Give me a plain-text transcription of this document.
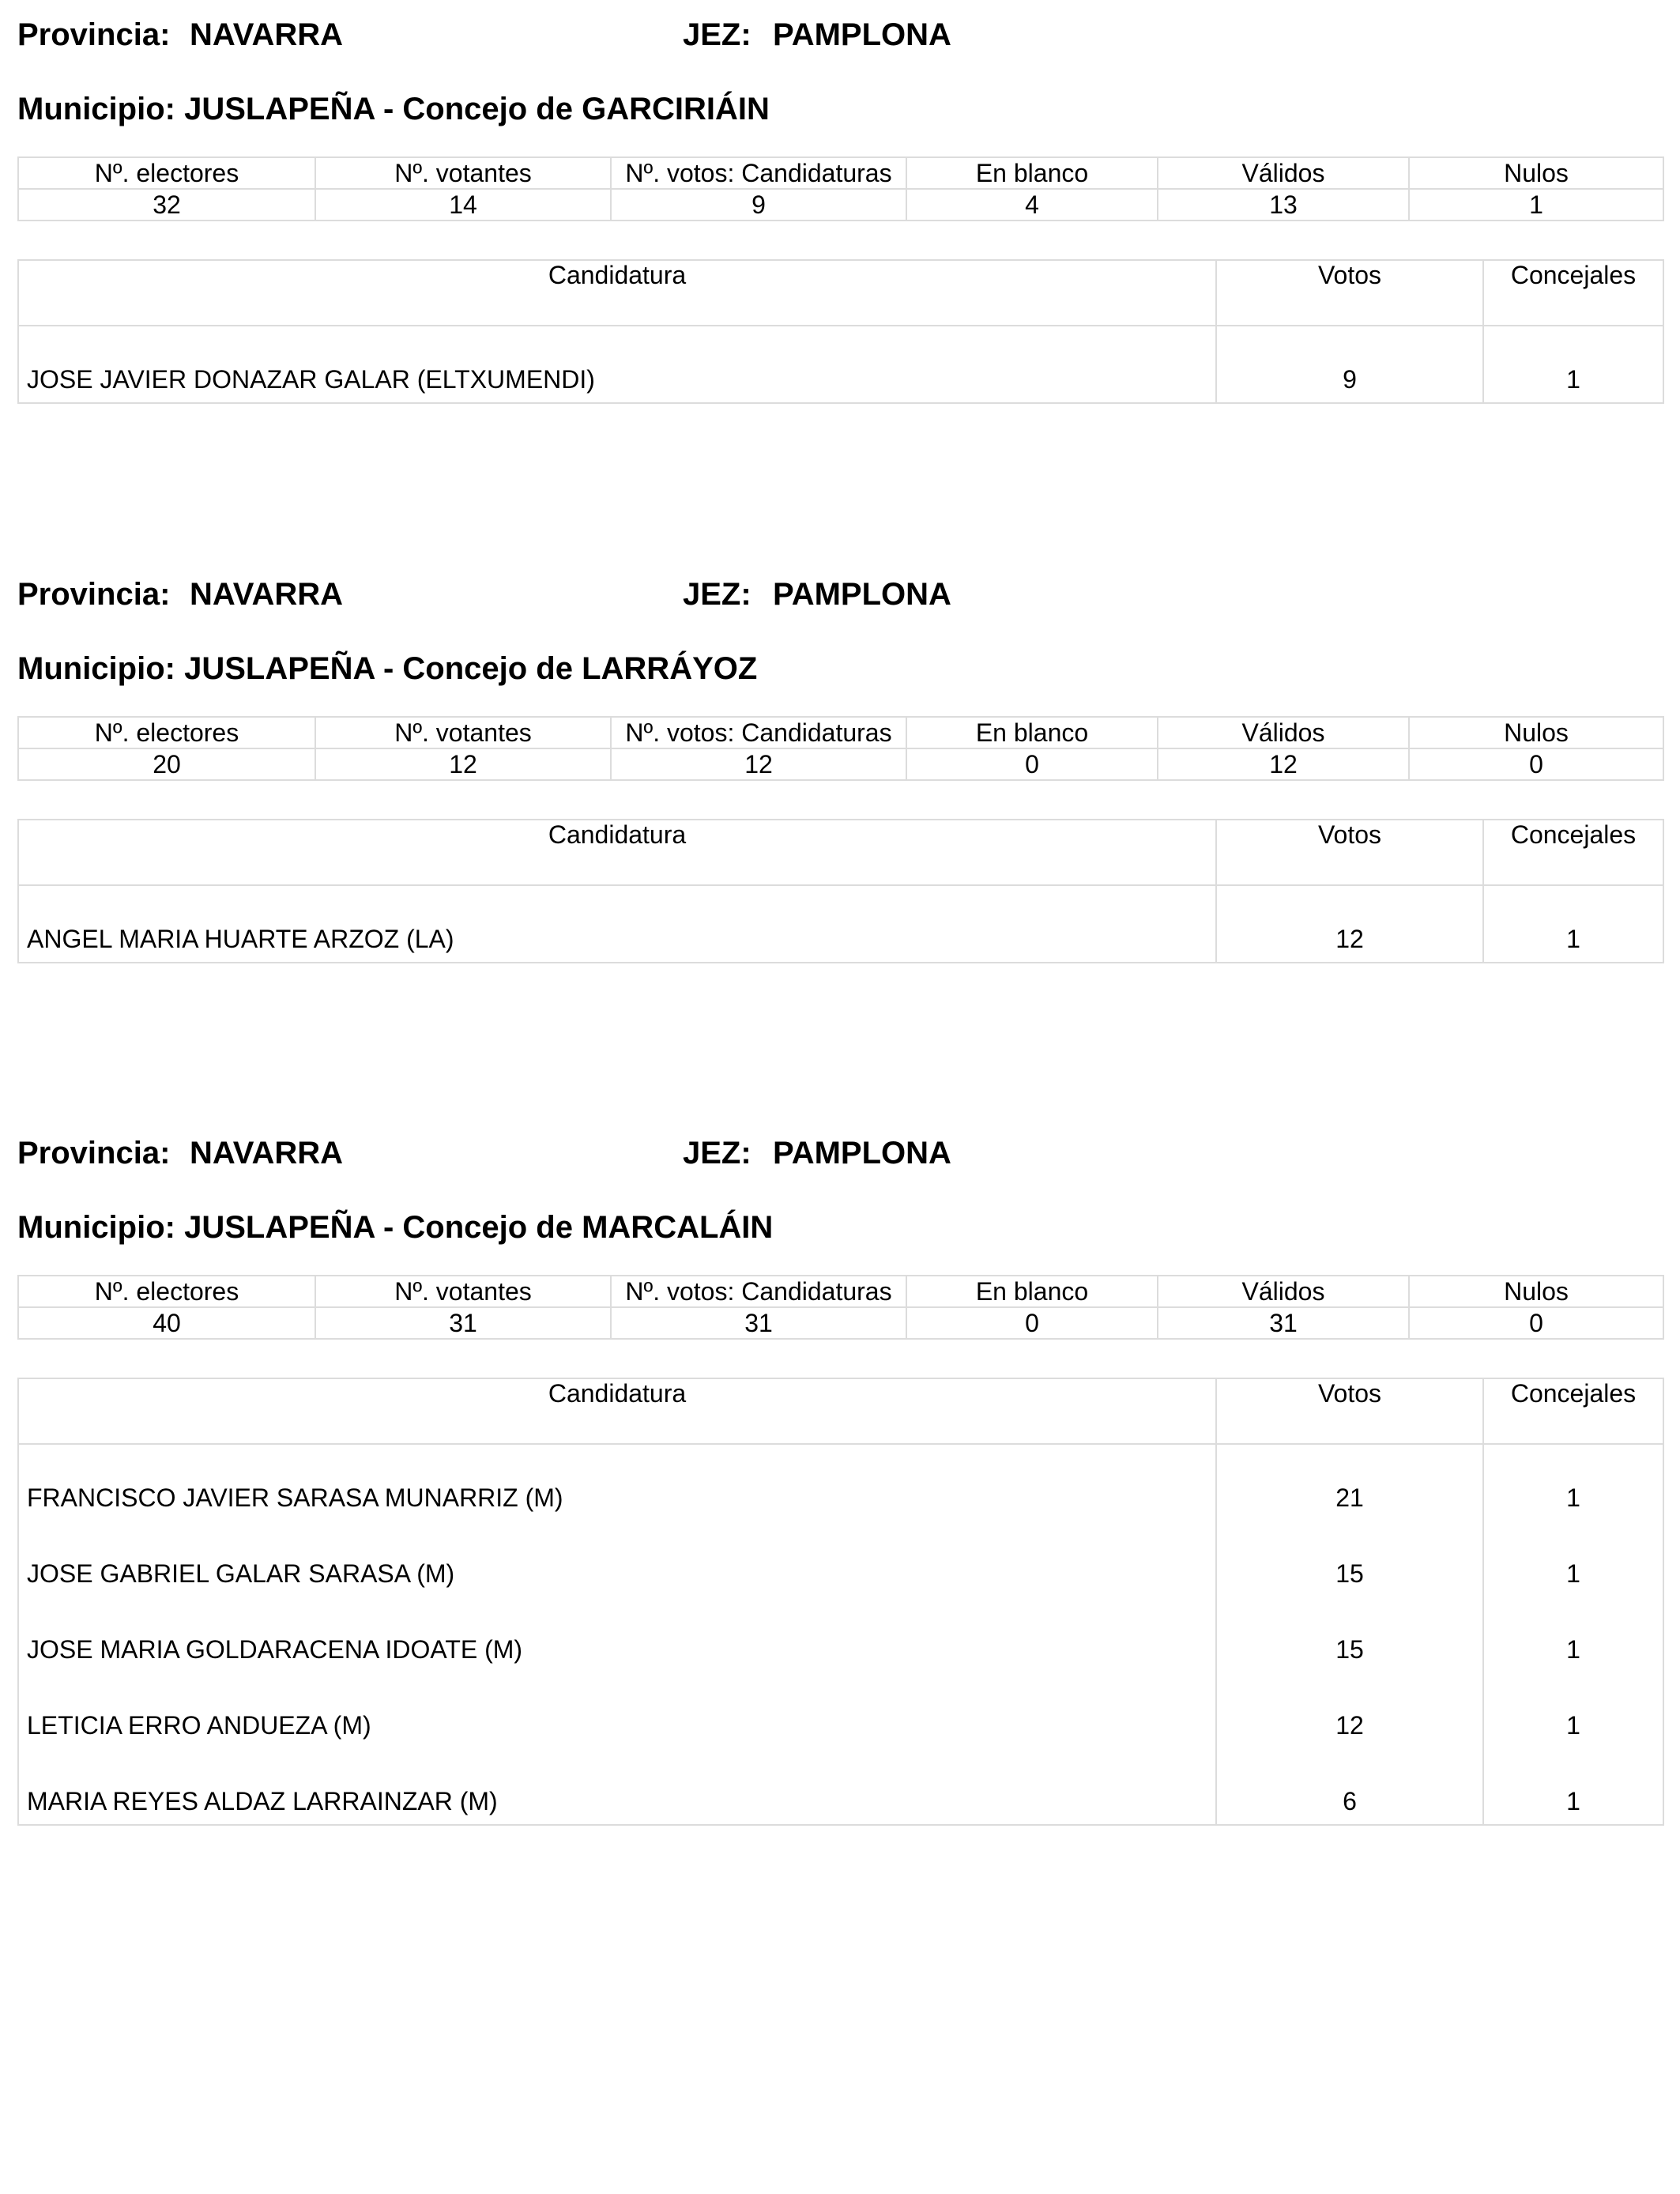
Provincia: NAVARRA	JEZ: PAMPLONA
Municipio: JUSLAPEÑA - Concejo de GARCIRIÁIN
Nº. electores	Nº. votantes	Nº. votos: Candidaturas	En blanco	Válidos	Nulos
32	14	9	4	13	1
Candidatura	Votos	Concejales
JOSE JAVIER DONAZAR GALAR (ELTXUMENDI)	9	1
Provincia: NAVARRA	JEZ: PAMPLONA
Municipio: JUSLAPEÑA - Concejo de LARRÁYOZ
Nº. electores	Nº. votantes	Nº. votos: Candidaturas	En blanco	Válidos	Nulos
20	12	12	0	12	0
Candidatura	Votos	Concejales
ANGEL MARIA HUARTE ARZOZ (LA)	12	1
Provincia: NAVARRA	JEZ: PAMPLONA
Municipio: JUSLAPEÑA - Concejo de MARCALÁIN
Nº. electores	Nº. votantes	Nº. votos: Candidaturas	En blanco	Válidos	Nulos
40	31	31	0	31	0
Candidatura	Votos	Concejales
FRANCISCO JAVIER SARASA MUNARRIZ (M)	21	1
JOSE GABRIEL GALAR SARASA (M)	15	1
JOSE MARIA GOLDARACENA IDOATE (M)	15	1
LETICIA ERRO ANDUEZA (M)	12	1
MARIA REYES ALDAZ LARRAINZAR (M)	6	1
